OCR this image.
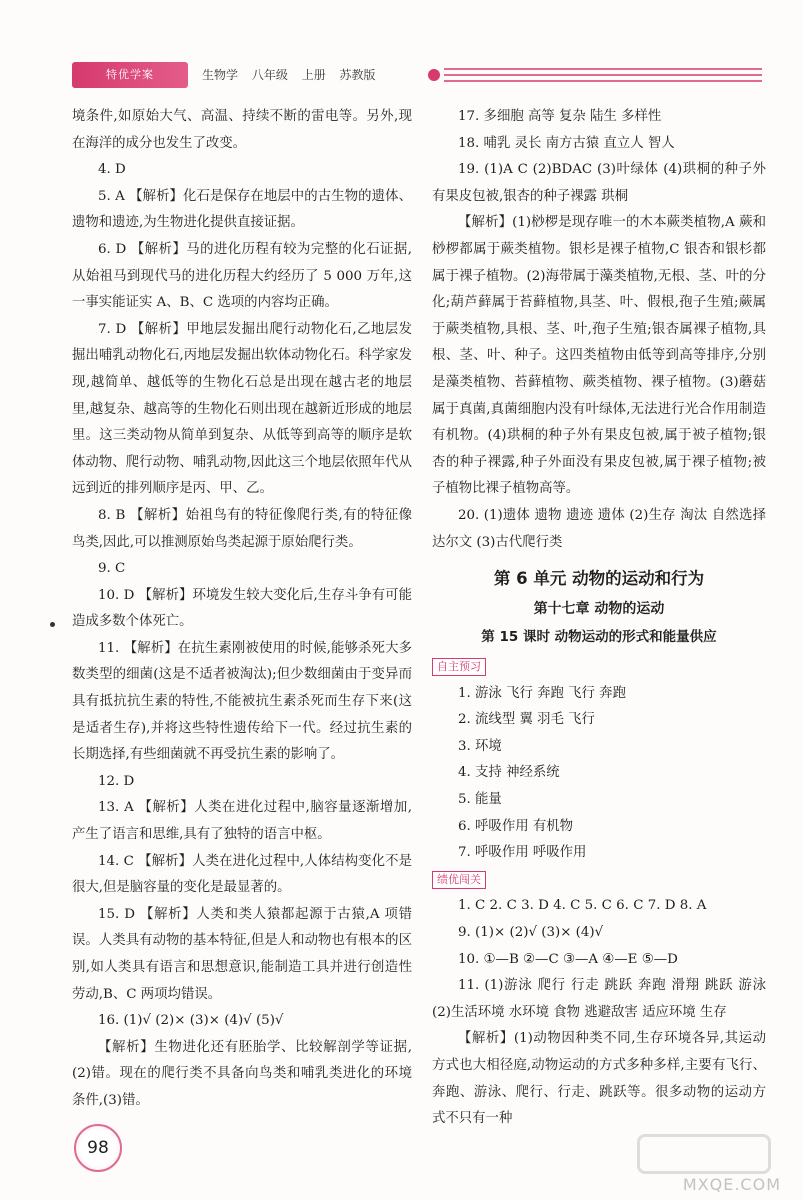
特优学案	生物学 八年级 上册 苏教版

境条件,如原始大气、高温、持续不断的雷电等。另外,现在海洋的成分也发生了改变。

4. D

5. A 【解析】化石是保存在地层中的古生物的遗体、遗物和遗迹,为生物进化提供直接证据。

6. D 【解析】马的进化历程有较为完整的化石证据,从始祖马到现代马的进化历程大约经历了 5 000 万年,这一事实能证实 A、B、C 选项的内容均正确。

7. D 【解析】甲地层发掘出爬行动物化石,乙地层发掘出哺乳动物化石,丙地层发掘出软体动物化石。科学家发现,越简单、越低等的生物化石总是出现在越古老的地层里,越复杂、越高等的生物化石则出现在越新近形成的地层里。这三类动物从简单到复杂、从低等到高等的顺序是软体动物、爬行动物、哺乳动物,因此这三个地层依照年代从远到近的排列顺序是丙、甲、乙。

8. B 【解析】始祖鸟有的特征像爬行类,有的特征像鸟类,因此,可以推测原始鸟类起源于原始爬行类。

9. C

10. D 【解析】环境发生较大变化后,生存斗争有可能造成多数个体死亡。

11. 【解析】在抗生素刚被使用的时候,能够杀死大多数类型的细菌(这是不适者被淘汰);但少数细菌由于变异而具有抵抗抗生素的特性,不能被抗生素杀死而生存下来(这是适者生存),并将这些特性遗传给下一代。经过抗生素的长期选择,有些细菌就不再受抗生素的影响了。

12. D

13. A 【解析】人类在进化过程中,脑容量逐渐增加,产生了语言和思维,具有了独特的语言中枢。

14. C 【解析】人类在进化过程中,人体结构变化不是很大,但是脑容量的变化是最显著的。

15. D 【解析】人类和类人猿都起源于古猿,A 项错误。人类具有动物的基本特征,但是人和动物也有根本的区别,如人类具有语言和思想意识,能制造工具并进行创造性劳动,B、C 两项均错误。

16. (1)√ (2)× (3)× (4)√ (5)√

【解析】生物进化还有胚胎学、比较解剖学等证据,(2)错。现在的爬行类不具备向鸟类和哺乳类进化的环境条件,(3)错。

17. 多细胞 高等 复杂 陆生 多样性

18. 哺乳 灵长 南方古猿 直立人 智人

19. (1)A C (2)BDAC (3)叶绿体 (4)珙桐的种子外有果皮包被,银杏的种子裸露 珙桐

【解析】(1)桫椤是现存唯一的木本蕨类植物,A 蕨和桫椤都属于蕨类植物。银杉是裸子植物,C 银杏和银杉都属于裸子植物。(2)海带属于藻类植物,无根、茎、叶的分化;葫芦藓属于苔藓植物,具茎、叶、假根,孢子生殖;蕨属于蕨类植物,具根、茎、叶,孢子生殖;银杏属裸子植物,具根、茎、叶、种子。这四类植物由低等到高等排序,分别是藻类植物、苔藓植物、蕨类植物、裸子植物。(3)蘑菇属于真菌,真菌细胞内没有叶绿体,无法进行光合作用制造有机物。(4)珙桐的种子外有果皮包被,属于被子植物;银杏的种子裸露,种子外面没有果皮包被,属于裸子植物;被子植物比裸子植物高等。

20. (1)遗体 遗物 遗迹 遗体 (2)生存 淘汰 自然选择 达尔文 (3)古代爬行类

第 6 单元 动物的运动和行为
第十七章 动物的运动
第 15 课时 动物运动的形式和能量供应
自主预习

1. 游泳 飞行 奔跑 飞行 奔跑

2. 流线型 翼 羽毛 飞行

3. 环境

4. 支持 神经系统

5. 能量

6. 呼吸作用 有机物

7. 呼吸作用 呼吸作用

绩优闯关

1. C 2. C 3. D 4. C 5. C 6. C 7. D 8. A

9. (1)× (2)√ (3)× (4)√

10. ①—B ②—C ③—A ④—E ⑤—D

11. (1)游泳 爬行 行走 跳跃 奔跑 滑翔 跳跃 游泳 (2)生活环境 水环境 食物 逃避敌害 适应环境 生存

【解析】(1)动物因种类不同,生存环境各异,其运动方式也大相径庭,动物运动的方式多种多样,主要有飞行、奔跑、游泳、爬行、行走、跳跃等。很多动物的运动方式不只有一种

98
MXQE.COM
